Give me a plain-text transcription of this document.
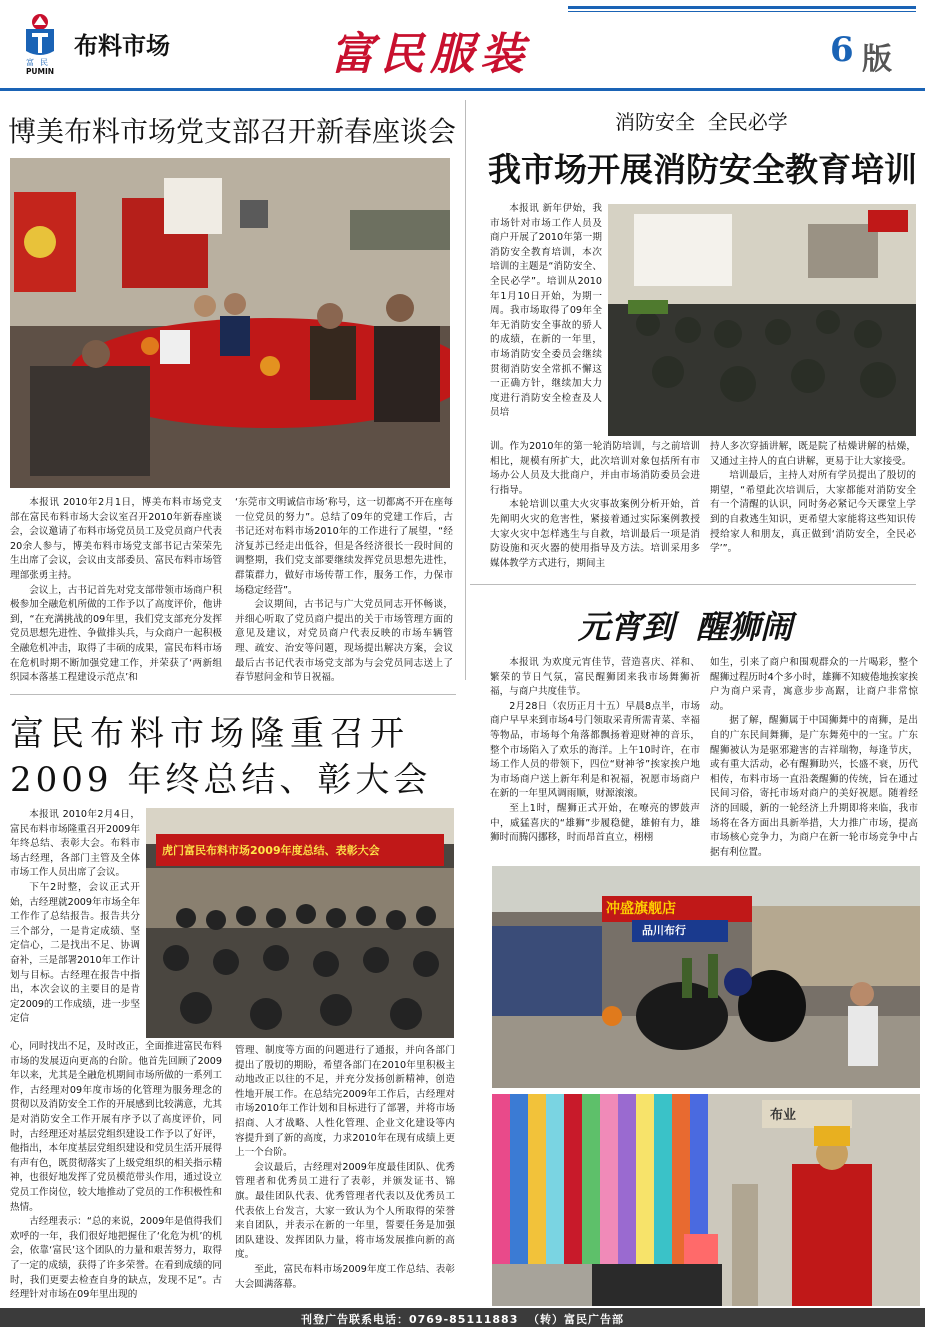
富民
PUMIN
布料市场	富民服装	6 版
博美布料市场党支部召开新春座谈会

本报讯 2010年2月1日，博美布料市场党支部在富民布料市场大会议室召开2010年新春座谈会，会议邀请了布料市场党员员工及党员商户代表20余人参与，博美布料市场党支部书记古荣荣先生出席了会议，会议由支部委员、富民布料市场管理部张勇主持。

会议上，古书记首先对党支部带领市场商户积极参加全融危机所做的工作予以了高度评价，他讲到，“在充满挑战的09年里，我们党支部充分发挥党员思想先进性、争做排头兵，与众商户一起积极全融危机冲击，取得了丰硕的成果，富民布料市场在危机时期不断加强党建工作，并荣获了‘两新组织园本落基工程建设示范点’和

‘东莞市文明诚信市场’称号，这一切都离不开在座每一位党员的努力”。总结了09年的党建工作后，古书记还对布料市场2010年的工作进行了展望，“经济复苏已经走出低谷，但是各经济很长一段时间的调整期，我们党支部要继续发挥党员思想先进性，群策群力，做好市场传帮工作，服务工作，力保市场稳定经营”。

会议期间，古书记与广大党员同志开怀畅谈，并细心听取了党员商户提出的关于市场管理方面的意见及建议，对党员商户代表反映的市场车辆管理、疏安、治安等问题，现场提出解决方案，会议最后古书记代表市场党支部为与会党员同志送上了春节慰问金和节日祝福。

消防安全  全民必学
我市场开展消防安全教育培训

本报讯 新年伊始，我市场针对市场工作人员及商户开展了2010年第一期消防安全教育培训，本次培训的主题是“消防安全、全民必学”。培训从2010年1月10日开始，为期一周。我市场取得了09年全年无消防安全事故的骄人的成绩，在新的一年里，市场消防安全委员会继续贯彻消防安全常抓不懈这一正确方针，继续加大力度进行消防安全检查及人员培

训。作为2010年的第一轮消防培训，与之前培训相比，规模有所扩大，此次培训对象包括所有市场办公人员及大批商户，并由市场消防委员会进行指导。

本轮培训以重大火灾事故案例分析开始，首先阐明火灾的危害性，紧接着通过实际案例教授大家火灾中怎样逃生与自救，培训最后一项是消防设施和灭火器的使用指导及方法。培训采用多媒体教学方式进行，期间主

持人多次穿插讲解，既是院了枯燥讲解的枯燥，又通过主持人的直白讲解，更易于让大家接受。

培训最后，主持人对所有学员提出了殷切的期望，“希望此次培训后，大家都能对消防安全有一个清醒的认识，同时务必紧记今天课堂上学到的自救逃生知识，更希望大家能将这些知识传授给家人和朋友，真正做到‘消防安全，全民必学’”。

元宵到  醒狮闹

本报讯 为欢度元宵佳节，营造喜庆、祥和、繁荣的节日气氛，富民醒狮团来我市场舞狮祈福，与商户共度佳节。

2月28日（农历正月十五）早晨8点半，市场商户早早来到市场4号门领取采青所需青菜、幸福等物品，市场每个角落都飘扬着迎财神的音乐，整个市场陷入了欢乐的海洋。上午10时许，在市场工作人员的带领下，四位“财神爷”挨家挨户地为市场商户送上新年利是和祝福，祝愿市场商户在新的一年里风调雨顺，财源滚滚。

至上1时，醒狮正式开始，在嘹亮的锣鼓声中，威猛喜庆的“雄狮”步履稳健，雄俯有力，雄狮时而腾闪挪移，时而昂首直立，栩栩

如生，引来了商户和围观群众的一片喝彩，整个醒狮过程历时4个多小时，雄狮不知疲倦地挨家挨户为商户采青，寓意步步高踞，让商户非常惊动。

据了解，醒狮属于中国狮舞中的南狮，是出自的广东民间舞狮，是广东舞苑中的一宝。广东醒狮被认为是驱邪避害的吉祥瑞物，每逢节庆，或有重大活动，必有醒狮助兴，长盛不衰，历代相传，布料市场一直沿袭醒狮的传统，旨在通过民间习俗，寄托市场对商户的美好祝愿。随着经济的回暖，新的一轮经济上升期即将来临，我市场将在各方面出具新举措，大力推广市场，提高市场核心竞争力，为商户在新一轮市场竞争中占据有利位置。

冲盛旗舰店
品川布行
布业
富民布料市场隆重召开
2009 年终总结、彰大会

本报讯 2010年2月4日，富民布料市场隆重召开2009年年终总结、表彰大会。布料市场古经理，各部门主管及全体市场工作人员出席了会议。

下午2时整，会议正式开始，古经理就2009年市场全年工作作了总结报告。报告共分三个部分，一是肯定成绩、坚定信心，二是找出不足、协调奋补，三是部署2010年工作计划与目标。古经理在报告中指出，本次会议的主要目的是肯定2009的工作成绩，进一步坚定信

虎门富民布料市场2009年度总结、表彰大会

心，同时找出不足，及时改正，全面推进富民布料市场的发展迈向更高的台阶。他首先回顾了2009年以来，尤其是全融危机期间市场所做的一系列工作，古经理对09年度市场的化管理为服务理念的贯彻以及消防安全工作的开展感到比较满意，尤其是对消防安全工作开展有序予以了高度评价，同时，古经理还对基层党组织建设工作予以了好评，他指出，本年度基层党组织建设和党员生活开展得有声有色，既贯彻落实了上级党组织的相关指示精神，也很好地发挥了党员模范带头作用，通过设立党员工作岗位，较大地推动了党员的工作积极性和热情。

古经理表示：“总的来说，2009年是值得我们欢呼的一年，我们很好地把握住了‘化危为机’的机会，依靠‘富民’这个团队的力量和艰苦努力，取得了一定的成绩，获得了许多荣誉。在看到成绩的同时，我们更要去检查自身的缺点，发现不足”。古经理针对市场在09年里出现的

管理、制度等方面的问题进行了通报，并向各部门提出了殷切的期盼，希望各部门在2010年里积极主动地改正以往的不足，并充分发扬创新精神，创造性地开展工作。在总结完2009年工作后，古经理对市场2010年工作计划和目标进行了部署，并将市场招商、人才战略、人性化管理、企业文化建设等内容提升到了新的高度，力求2010年在现有成绩上更上一个台阶。

会议最后，古经理对2009年度最佳团队、优秀管理者和优秀员工进行了表彰，并颁发证书、锦旗。最佳团队代表、优秀管理者代表以及优秀员工代表依上台发言，大家一致认为个人所取得的荣誉来自团队，并表示在新的一年里，誓要任务是加强团队建设、发挥团队力量，将市场发展推向新的高度。

至此，富民布料市场2009年度工作总结、表彰大会圆满落幕。

刊登广告联系电话：0769-85111883  （转）富民广告部
